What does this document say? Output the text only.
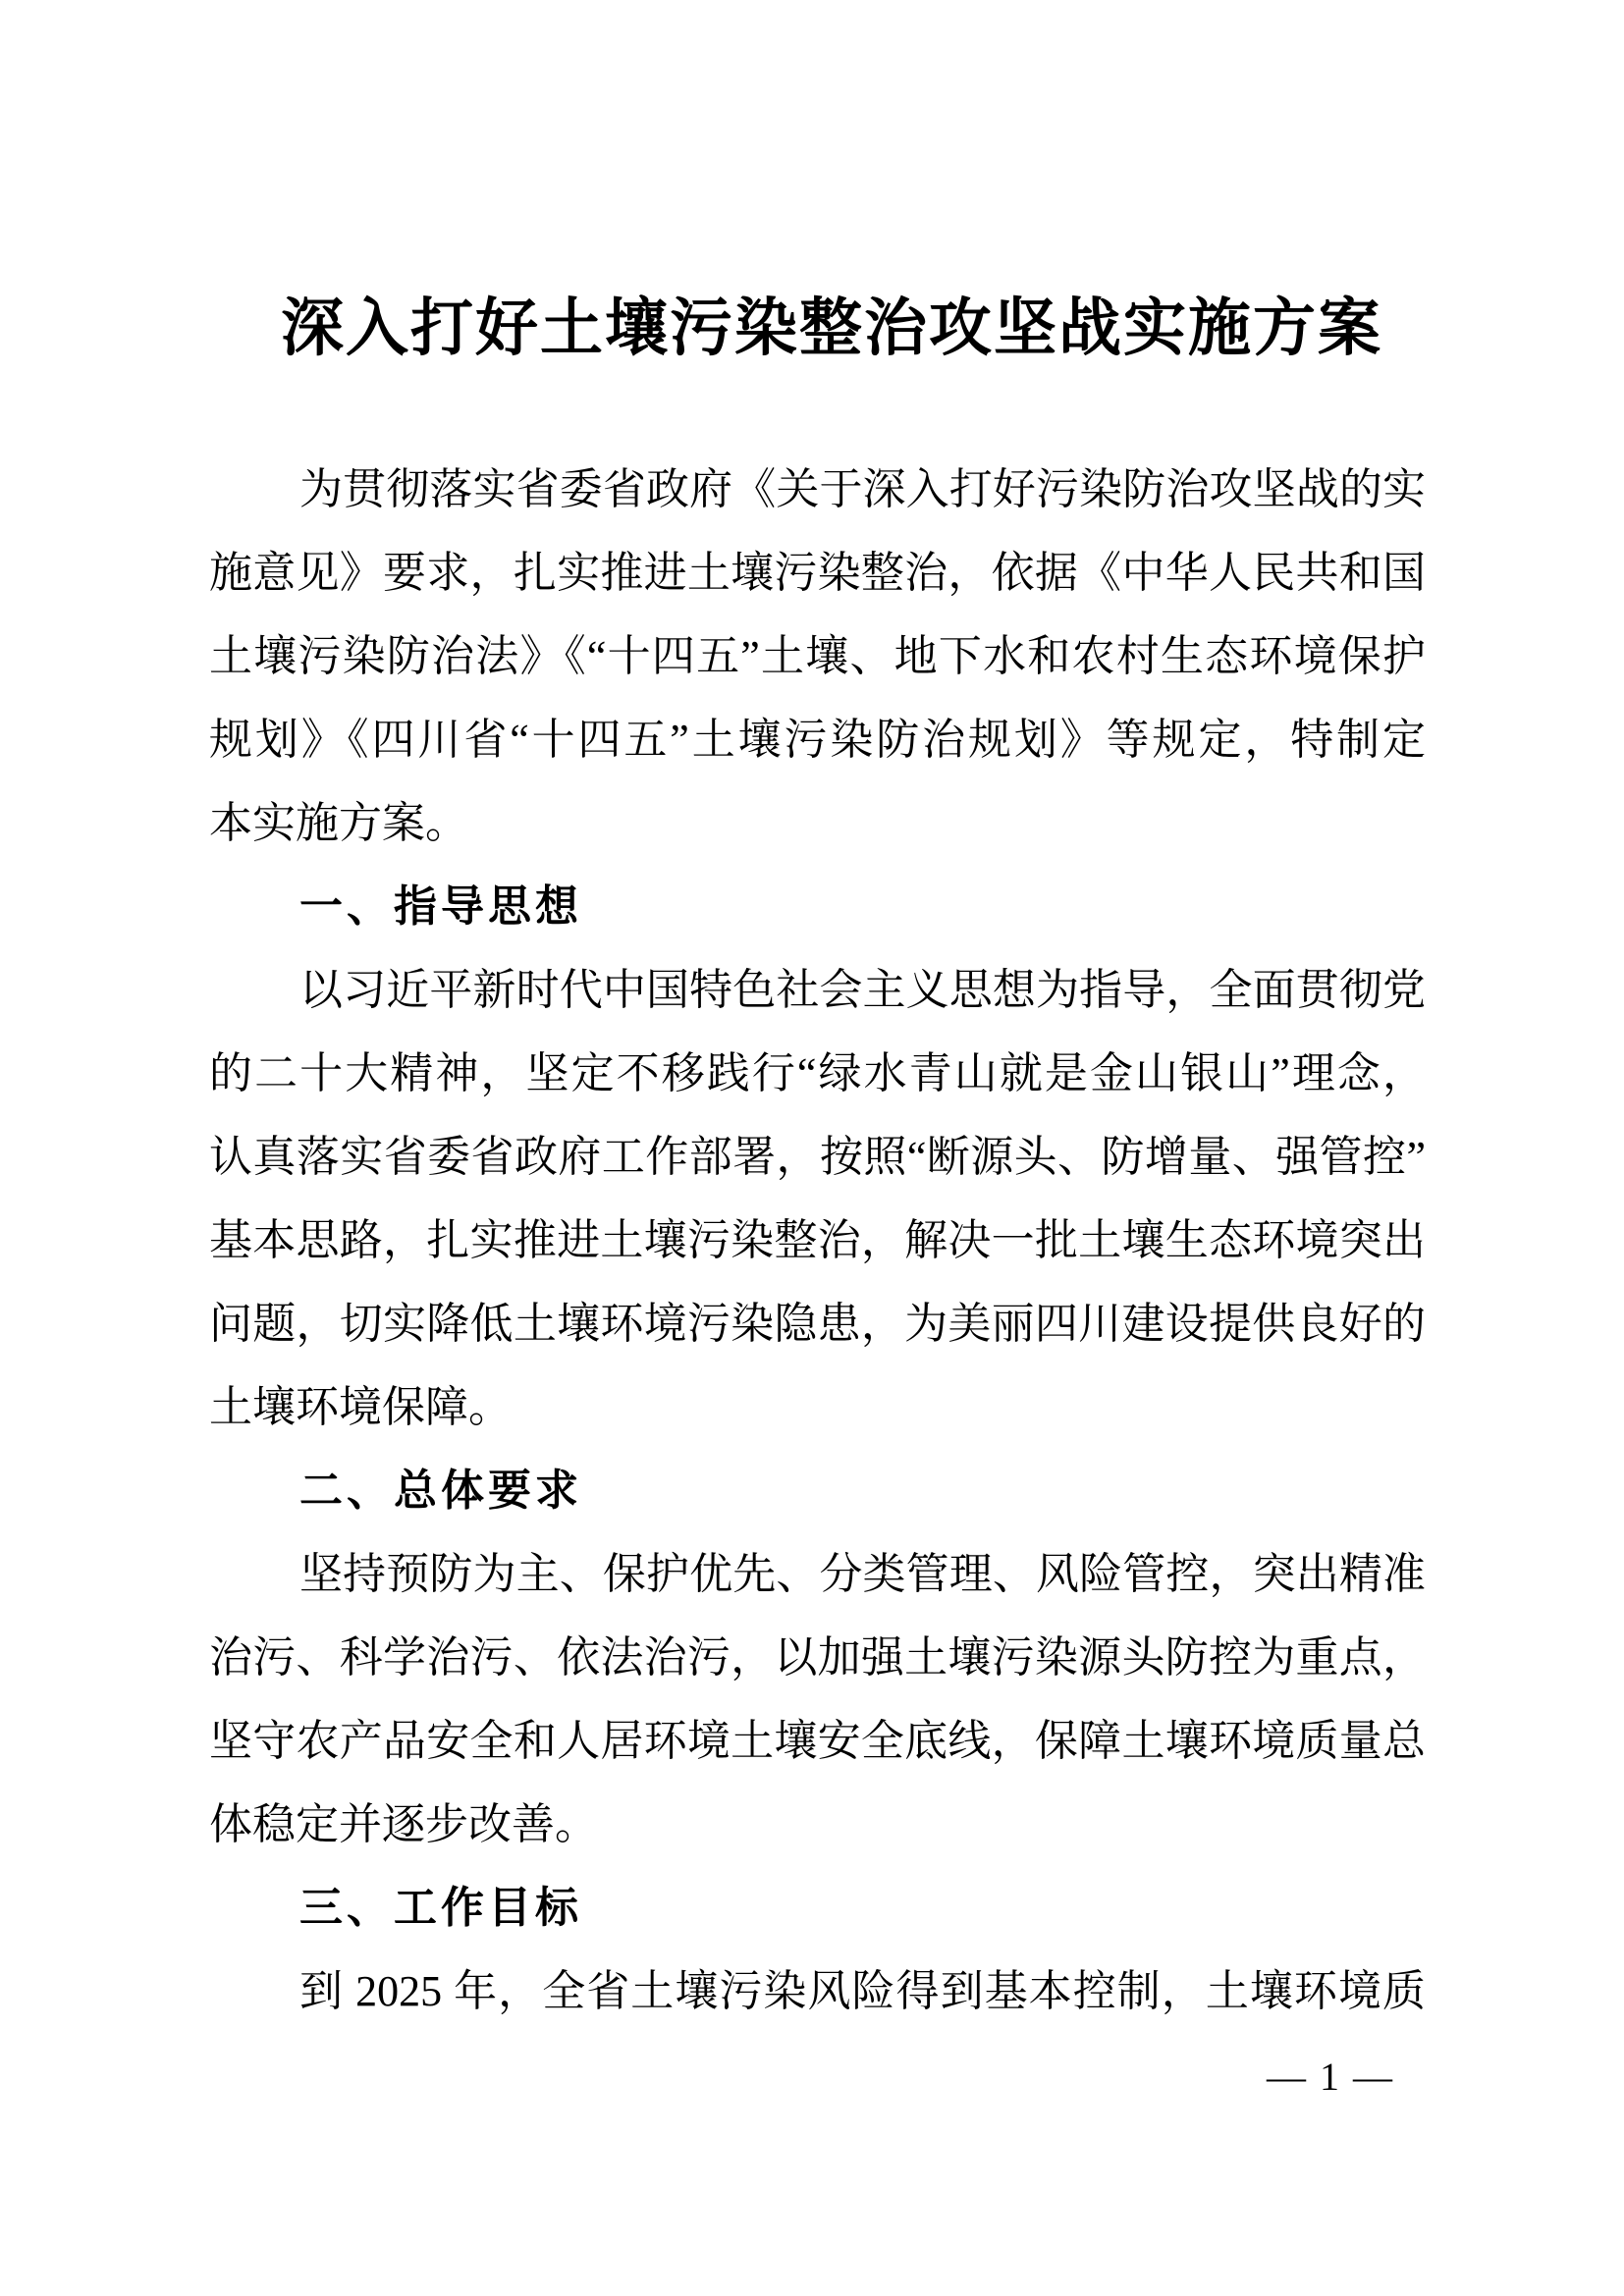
深入打好土壤污染整治攻坚战实施方案
为贯彻落实省委省政府《关于深入打好污染防治攻坚战的实
施意见》要求，扎实推进土壤污染整治，依据《中华人民共和国
土壤污染防治法》《“十四五”土壤、地下水和农村生态环境保护
规划》《四川省“十四五”土壤污染防治规划》等规定，特制定
本实施方案。
一、指导思想
以习近平新时代中国特色社会主义思想为指导，全面贯彻党
的二十大精神，坚定不移践行“绿水青山就是金山银山”理念，
认真落实省委省政府工作部署，按照“断源头、防增量、强管控”
基本思路，扎实推进土壤污染整治，解决一批土壤生态环境突出
问题，切实降低土壤环境污染隐患，为美丽四川建设提供良好的
土壤环境保障。
二、总体要求
坚持预防为主、保护优先、分类管理、风险管控，突出精准
治污、科学治污、依法治污，以加强土壤污染源头防控为重点，
坚守农产品安全和人居环境土壤安全底线，保障土壤环境质量总
体稳定并逐步改善。
三、工作目标
到 2025 年，全省土壤污染风险得到基本控制，土壤环境质
— 1 —
